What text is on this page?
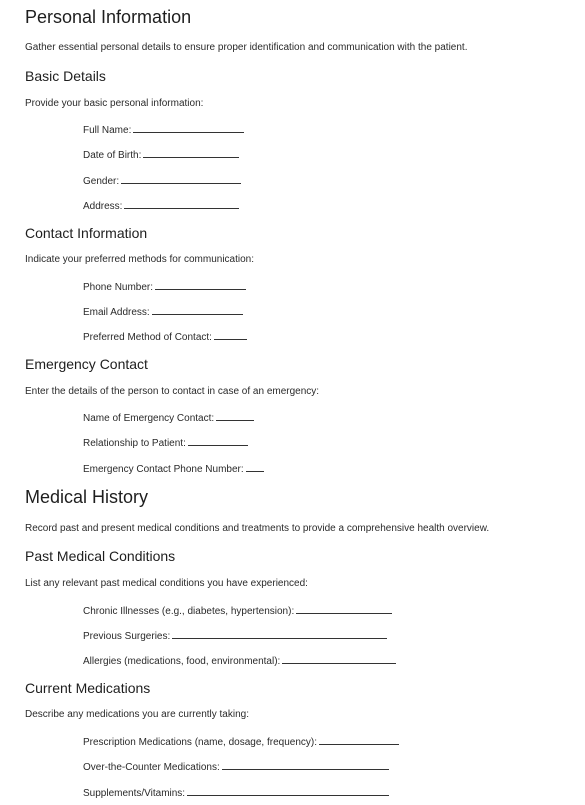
Personal Information

Gather essential personal details to ensure proper identification and communication with the patient.

Basic Details

Provide your basic personal information:

Full Name:
Date of Birth:
Gender:
Address:
Contact Information

Indicate your preferred methods for communication:

Phone Number:
Email Address:
Preferred Method of Contact:
Emergency Contact

Enter the details of the person to contact in case of an emergency:

Name of Emergency Contact:
Relationship to Patient:
Emergency Contact Phone Number:
Medical History

Record past and present medical conditions and treatments to provide a comprehensive health overview.

Past Medical Conditions

List any relevant past medical conditions you have experienced:

Chronic Illnesses (e.g., diabetes, hypertension):
Previous Surgeries:
Allergies (medications, food, environmental):
Current Medications

Describe any medications you are currently taking:

Prescription Medications (name, dosage, frequency):
Over-the-Counter Medications:
Supplements/Vitamins:
